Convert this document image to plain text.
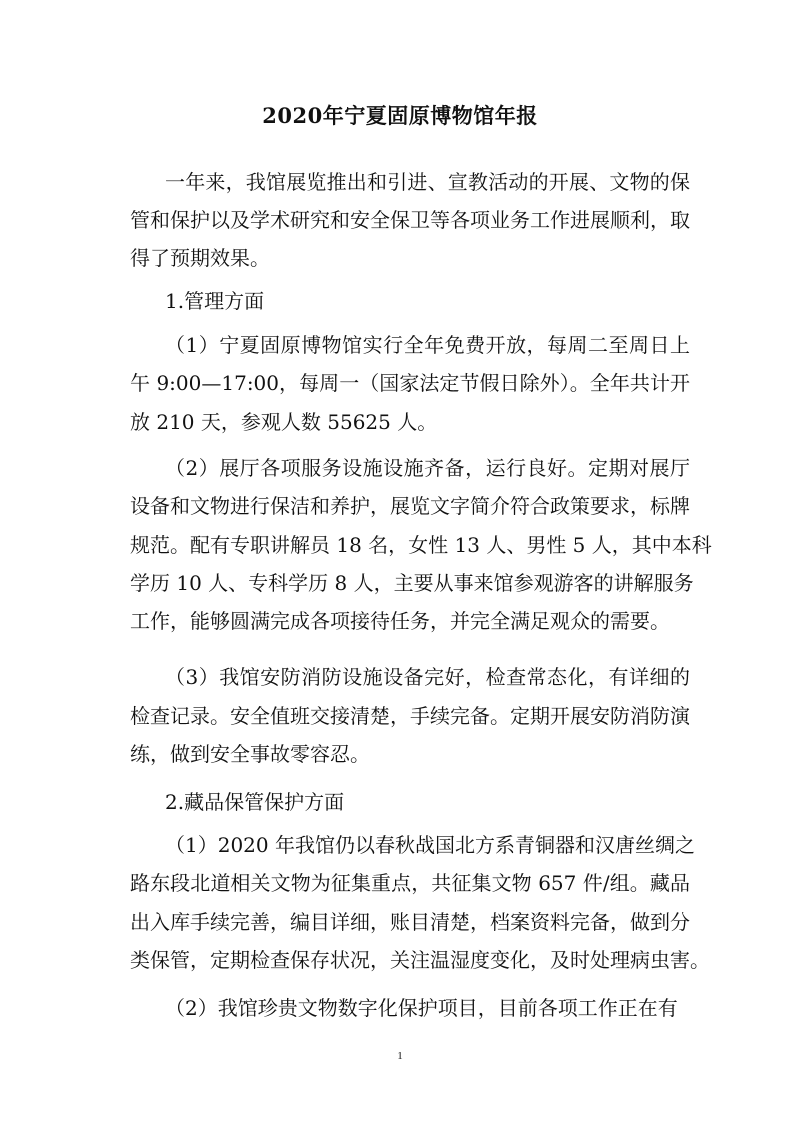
2020年宁夏固原博物馆年报
一年来，我馆展览推出和引进、宣教活动的开展、文物的保
管和保护以及学术研究和安全保卫等各项业务工作进展顺利，取
得了预期效果。
1.管理方面
（1）宁夏固原博物馆实行全年免费开放，每周二至周日上
午 9:00—17:00，每周一（国家法定节假日除外）。全年共计开
放 210 天，参观人数 55625 人。
（2）展厅各项服务设施设施齐备，运行良好。定期对展厅
设备和文物进行保洁和养护，展览文字简介符合政策要求，标牌
规范。配有专职讲解员 18 名，女性 13 人、男性 5 人，其中本科
学历 10 人、专科学历 8 人，主要从事来馆参观游客的讲解服务
工作，能够圆满完成各项接待任务，并完全满足观众的需要。
（3）我馆安防消防设施设备完好，检查常态化，有详细的
检查记录。安全值班交接清楚，手续完备。定期开展安防消防演
练，做到安全事故零容忍。
2.藏品保管保护方面
（1）2020 年我馆仍以春秋战国北方系青铜器和汉唐丝绸之
路东段北道相关文物为征集重点，共征集文物 657 件/组。藏品
出入库手续完善，编目详细，账目清楚，档案资料完备，做到分
类保管，定期检查保存状况，关注温湿度变化，及时处理病虫害。
（2）我馆珍贵文物数字化保护项目，目前各项工作正在有
1
